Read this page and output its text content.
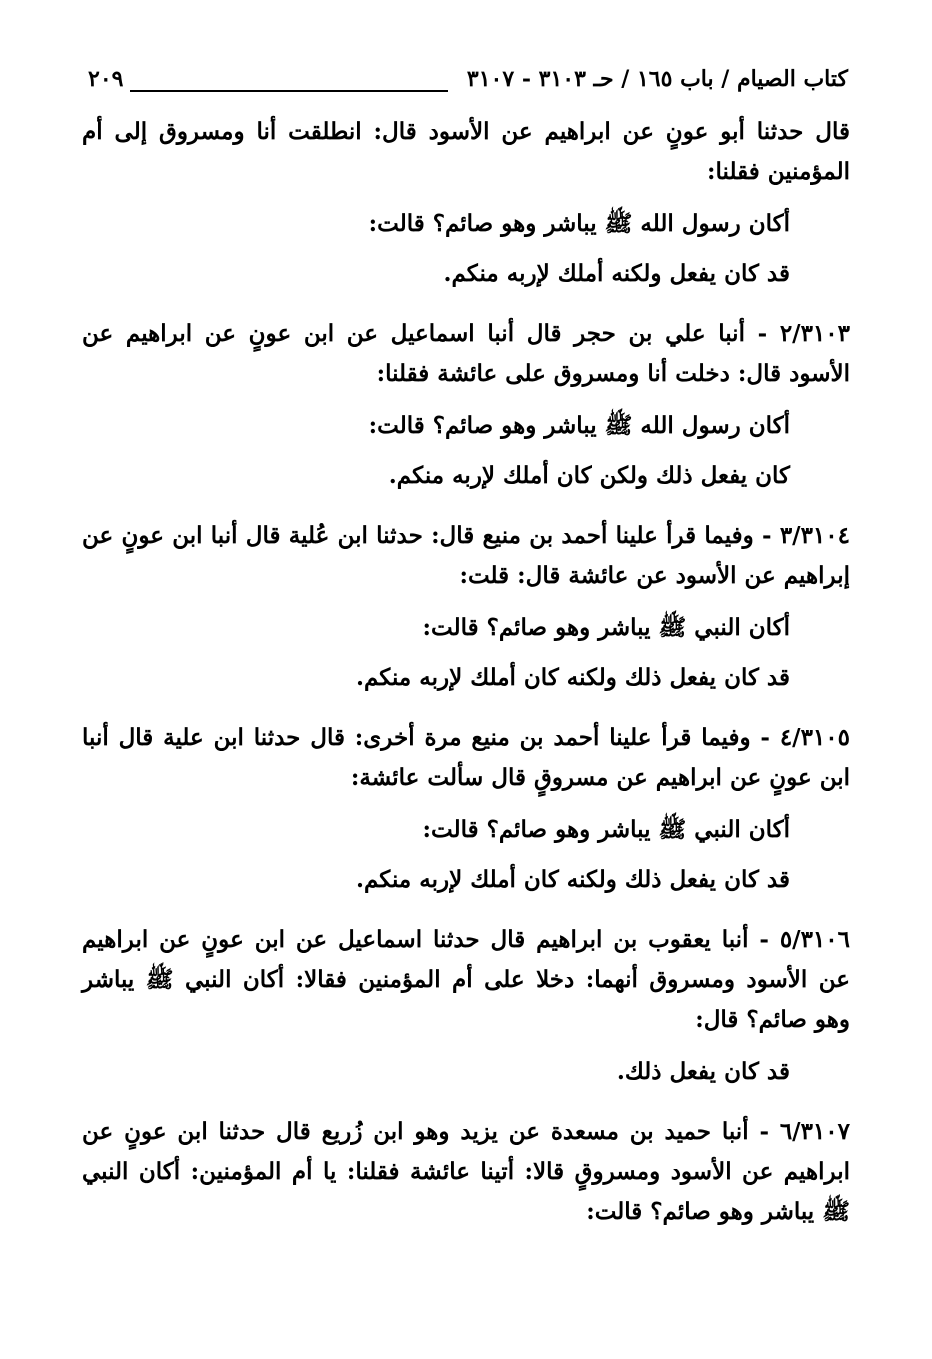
كتاب الصيام / باب ١٦٥ / حـ ٣١٠٣ - ٣١٠٧
٢٠٩

قال حدثنا أبو عونٍ عن ابراهيم عن الأسود قال: انطلقت أنا ومسروق إلى أم المؤمنين فقلنا:

أكان رسول الله ﷺ يباشر وهو صائم؟ قالت:

قد كان يفعل ولكنه أملك لإربه منكم.

٢/٣١٠٣ - أنبا علي بن حجر قال أنبا اسماعيل عن ابن عونٍ عن ابراهيم عن الأسود قال: دخلت أنا ومسروق على عائشة فقلنا:

أكان رسول الله ﷺ يباشر وهو صائم؟ قالت:

كان يفعل ذلك ولكن كان أملك لإربه منكم.

٣/٣١٠٤ - وفيما قرأ علينا أحمد بن منيع قال: حدثنا ابن عُلية قال أنبا ابن عونٍ عن إبراهيم عن الأسود عن عائشة قال: قلت:

أكان النبي ﷺ يباشر وهو صائم؟ قالت:

قد كان يفعل ذلك ولكنه كان أملك لإربه منكم.

٤/٣١٠٥ - وفيما قرأ علينا أحمد بن منيع مرة أخرى: قال حدثنا ابن علية قال أنبا ابن عونٍ عن ابراهيم عن مسروقٍ قال سألت عائشة:

أكان النبي ﷺ يباشر وهو صائم؟ قالت:

قد كان يفعل ذلك ولكنه كان أملك لإربه منكم.

٥/٣١٠٦ - أنبا يعقوب بن ابراهيم قال حدثنا اسماعيل عن ابن عونٍ عن ابراهيم عن الأسود ومسروق أنهما: دخلا على أم المؤمنين فقالا: أكان النبي ﷺ يباشر وهو صائم؟ قال:

قد كان يفعل ذلك.

٦/٣١٠٧ - أنبا حميد بن مسعدة عن يزيد وهو ابن زُريع قال حدثنا ابن عونٍ عن ابراهيم عن الأسود ومسروقٍ قالا: أتينا عائشة فقلنا: يا أم المؤمنين: أكان النبي ﷺ يباشر وهو صائم؟ قالت:
